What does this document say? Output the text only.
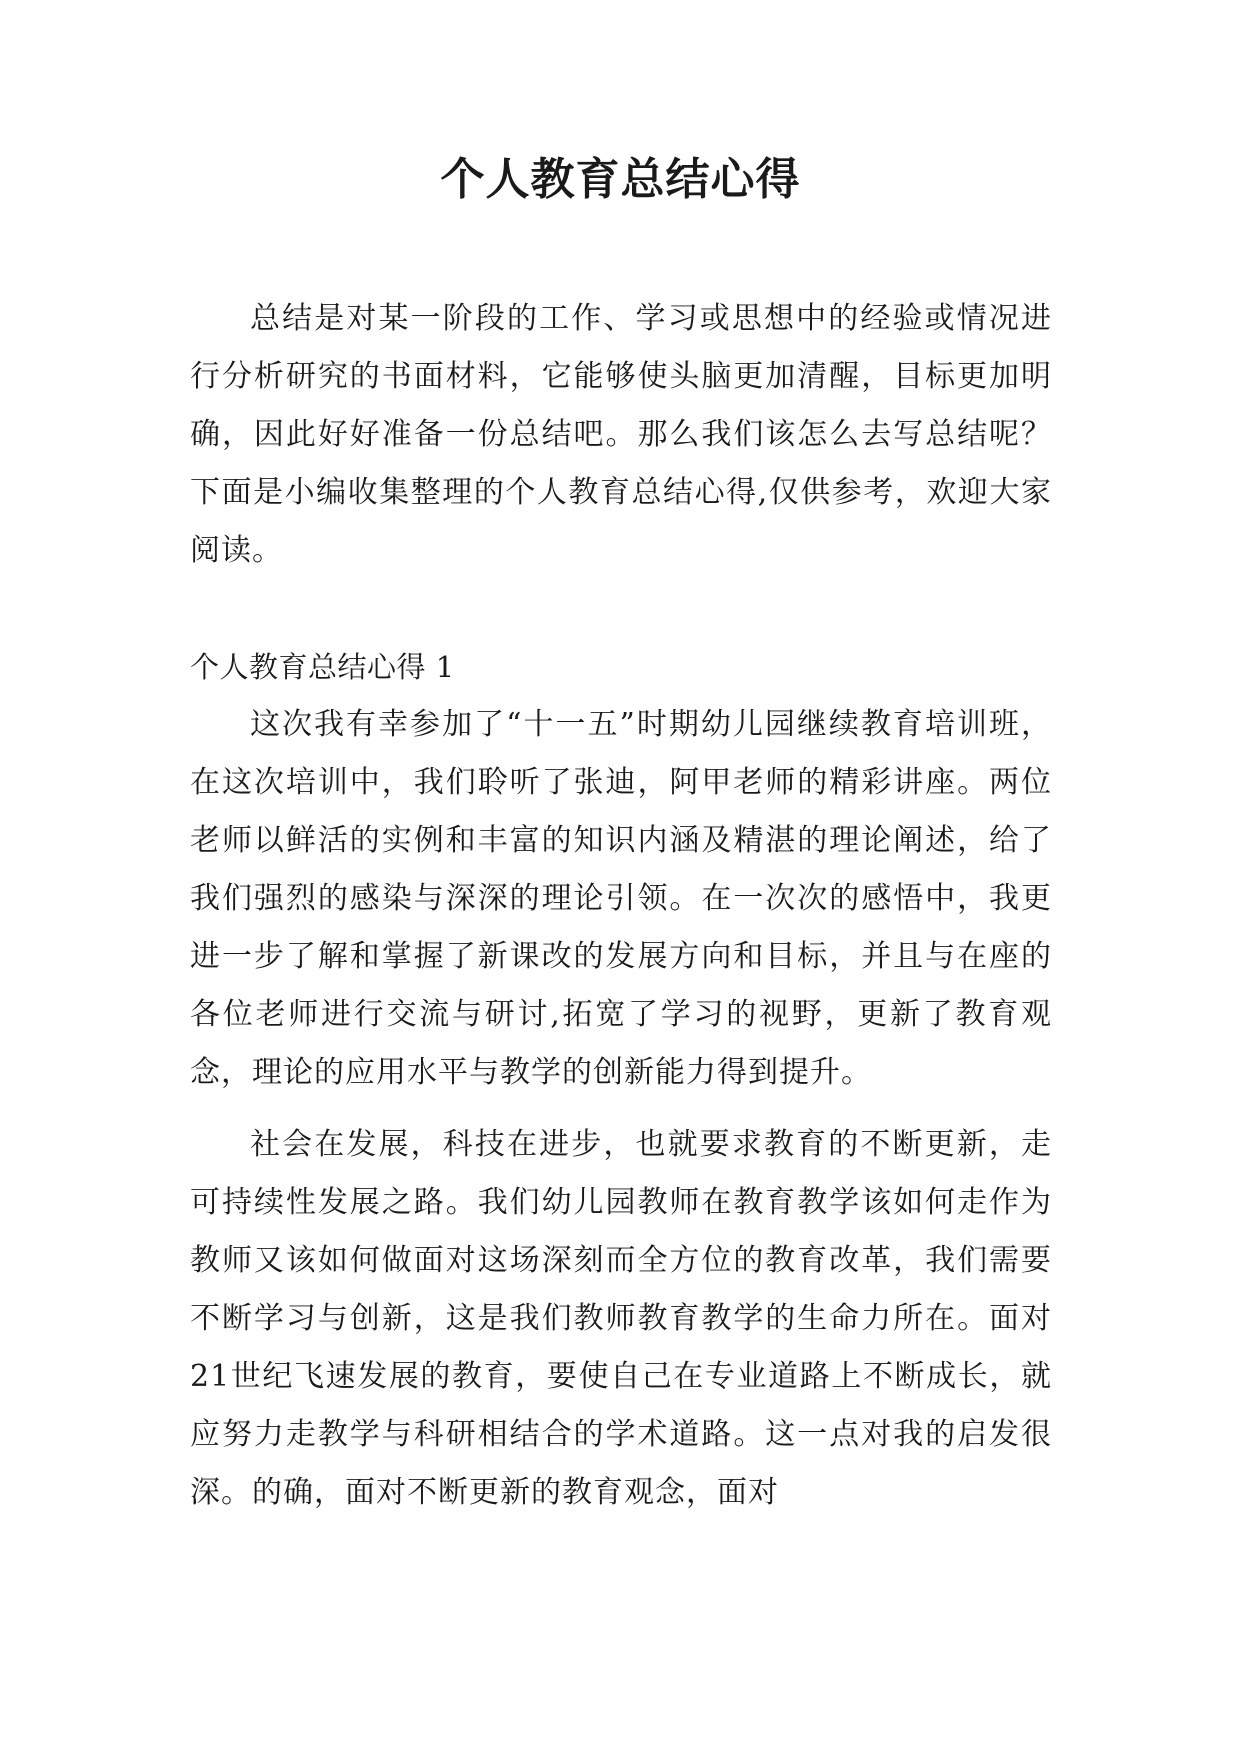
个人教育总结心得

总结是对某一阶段的工作、学习或思想中的经验或情况进行分析研究的书面材料，它能够使头脑更加清醒，目标更加明确，因此好好准备一份总结吧。那么我们该怎么去写总结呢？下面是小编收集整理的个人教育总结心得,仅供参考，欢迎大家阅读。

个人教育总结心得 1

这次我有幸参加了“十一五”时期幼儿园继续教育培训班，在这次培训中，我们聆听了张迪，阿甲老师的精彩讲座。两位老师以鲜活的实例和丰富的知识内涵及精湛的理论阐述，给了我们强烈的感染与深深的理论引领。在一次次的感悟中，我更进一步了解和掌握了新课改的发展方向和目标，并且与在座的各位老师进行交流与研讨,拓宽了学习的视野，更新了教育观念，理论的应用水平与教学的创新能力得到提升。

社会在发展，科技在进步，也就要求教育的不断更新，走可持续性发展之路。我们幼儿园教师在教育教学该如何走作为教师又该如何做面对这场深刻而全方位的教育改革，我们需要不断学习与创新，这是我们教师教育教学的生命力所在。面对21世纪飞速发展的教育，要使自己在专业道路上不断成长，就应努力走教学与科研相结合的学术道路。这一点对我的启发很深。的确，面对不断更新的教育观念，面对
